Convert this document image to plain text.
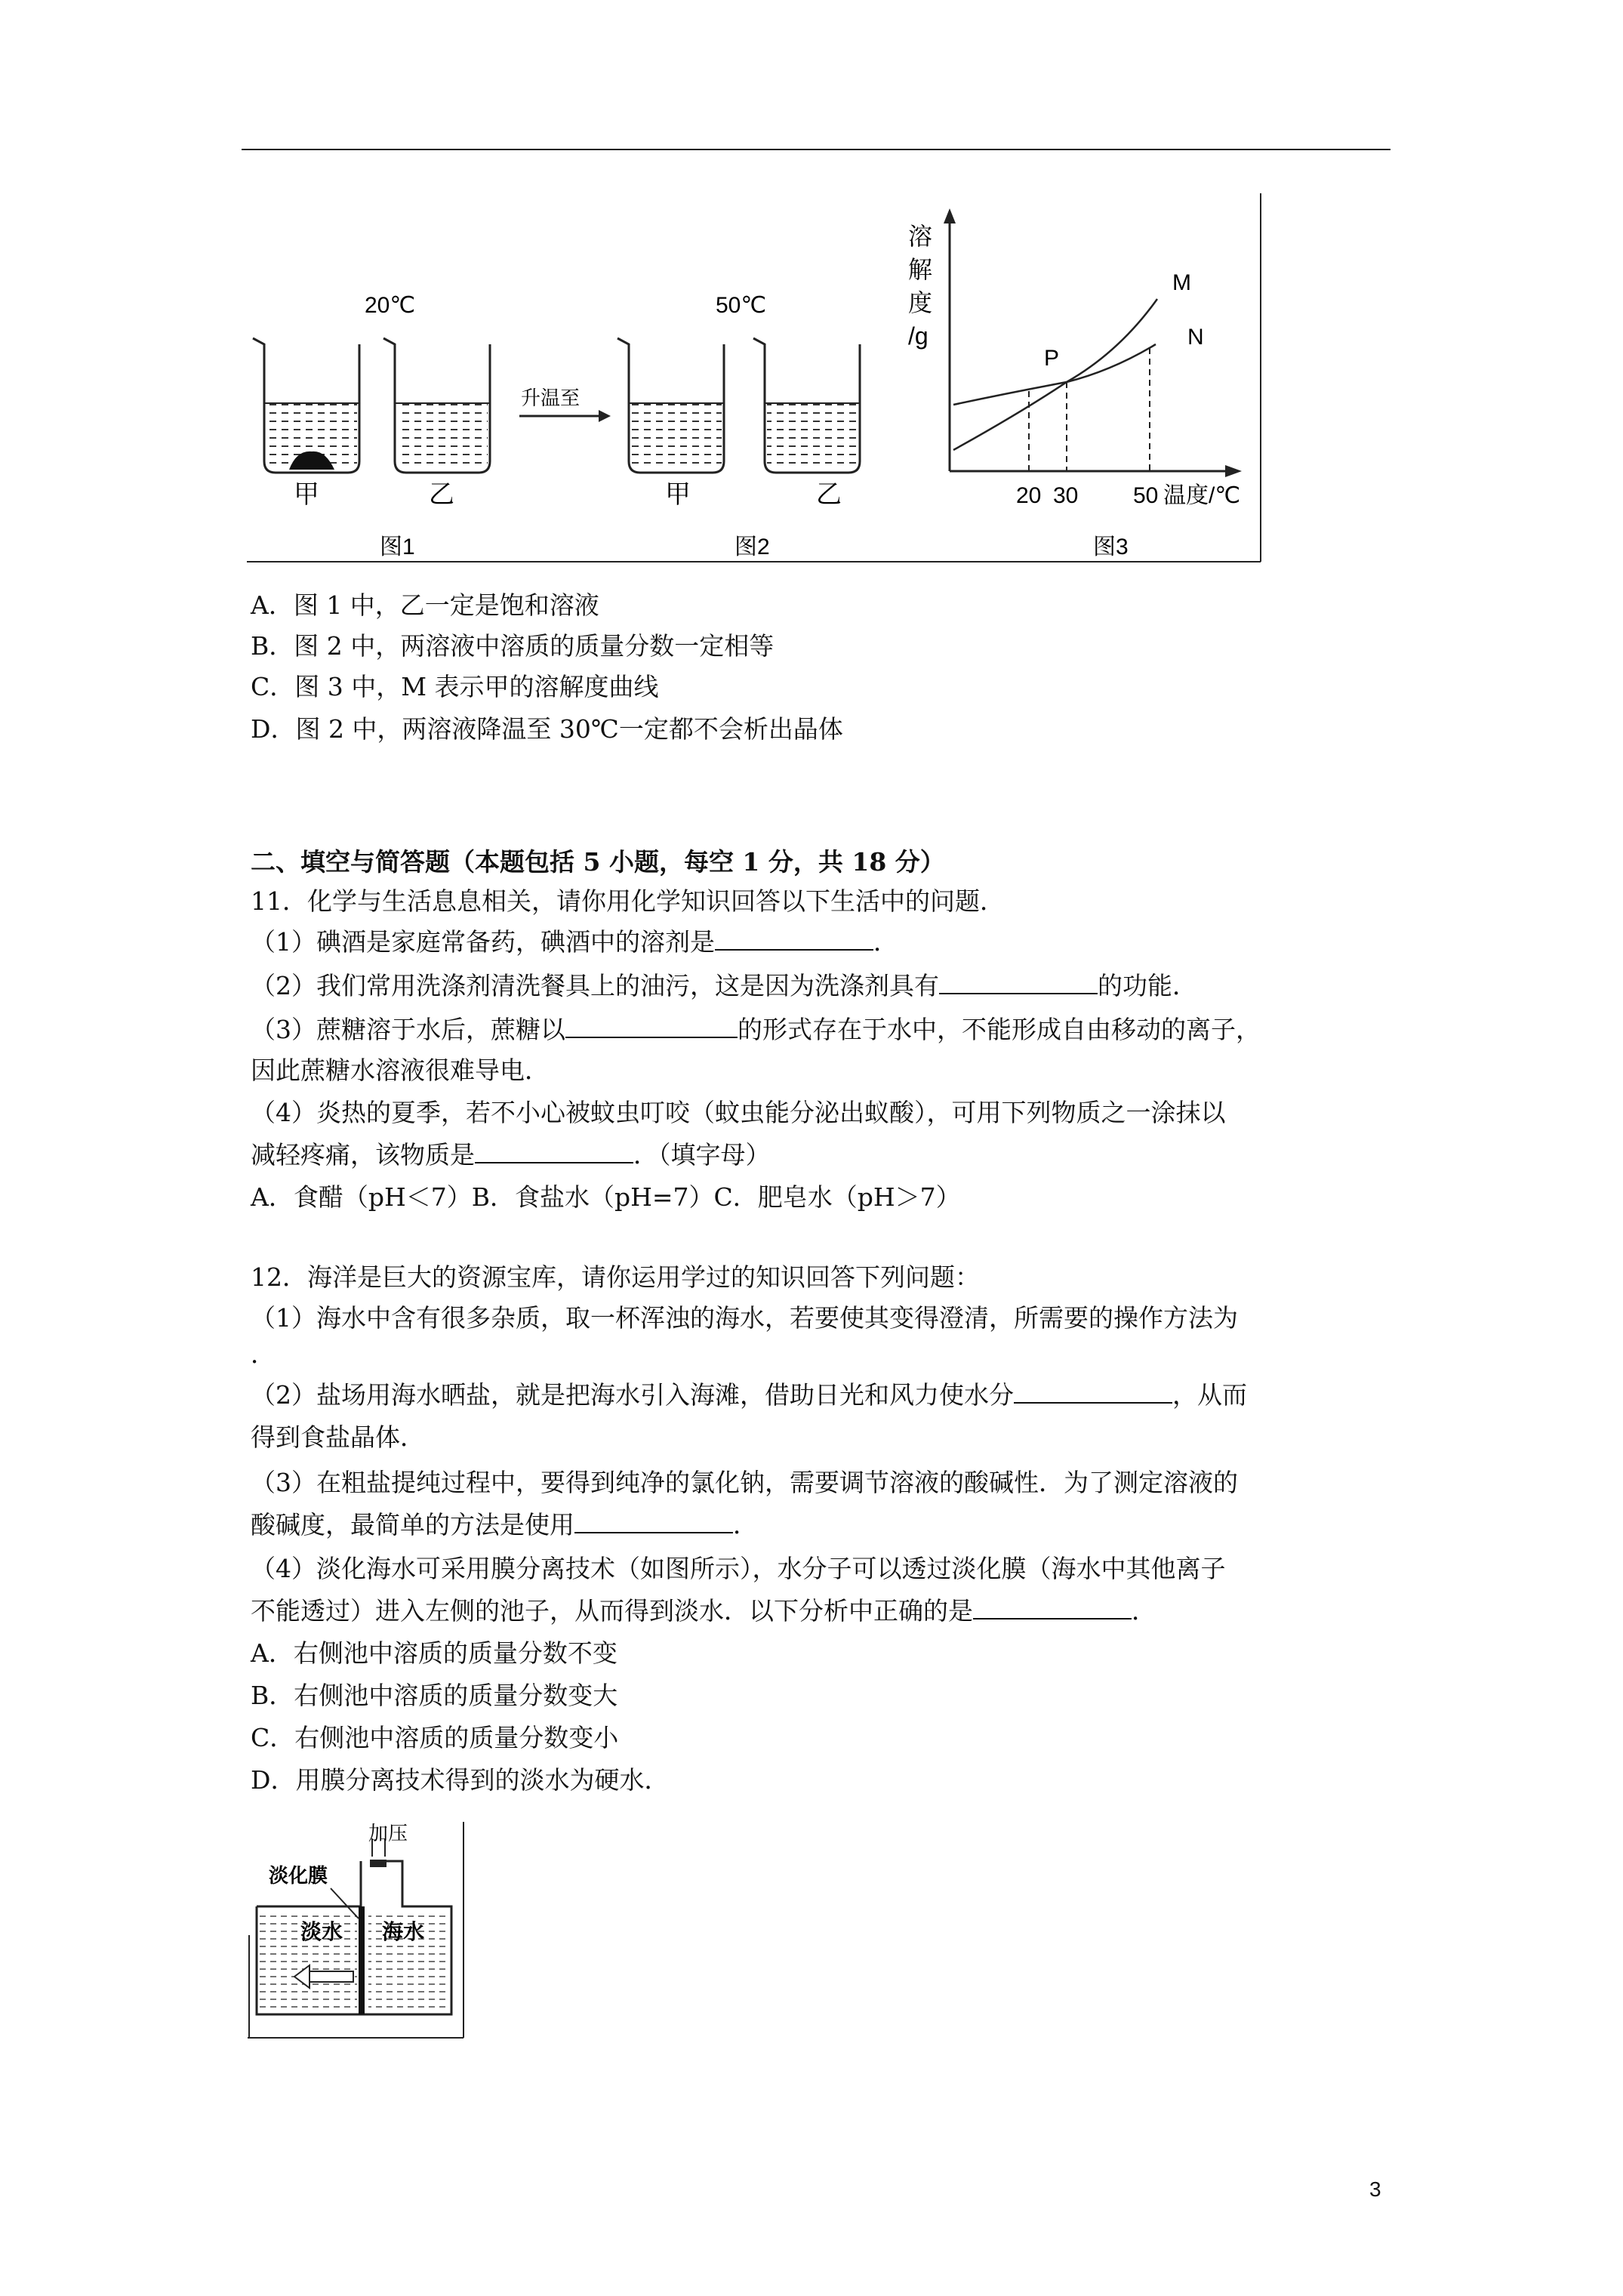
20℃	50℃
甲	乙
升温至
甲	乙
图1	图2	图3
溶
解
度
/g
P
M
N
20 30 50 温度/℃
A．图 1 中，乙一定是饱和溶液
B．图 2 中，两溶液中溶质的质量分数一定相等
C．图 3 中，M 表示甲的溶解度曲线
D．图 2 中，两溶液降温至 30℃一定都不会析出晶体
二、填空与简答题（本题包括 5 小题，每空 1 分，共 18 分）
11．化学与生活息息相关，请你用化学知识回答以下生活中的问题．
（1）碘酒是家庭常备药，碘酒中的溶剂是	．
（2）我们常用洗涤剂清洗餐具上的油污，这是因为洗涤剂具有	的功能．
（3）蔗糖溶于水后，蔗糖以	的形式存在于水中，不能形成自由移动的离子，
因此蔗糖水溶液很难导电．
（4）炎热的夏季，若不小心被蚊虫叮咬（蚊虫能分泌出蚁酸），可用下列物质之一涂抹以
减轻疼痛，该物质是	．（填字母）
A．食醋（pH＜7）B．食盐水（pH=7）C．肥皂水（pH＞7）
12．海洋是巨大的资源宝库，请你运用学过的知识回答下列问题：
（1）海水中含有很多杂质，取一杯浑浊的海水，若要使其变得澄清，所需要的操作方法为
．
（2）盐场用海水晒盐，就是把海水引入海滩，借助日光和风力使水分	，从而
得到食盐晶体．
（3）在粗盐提纯过程中，要得到纯净的氯化钠，需要调节溶液的酸碱性．为了测定溶液的
酸碱度，最简单的方法是使用	．
（4）淡化海水可采用膜分离技术（如图所示），水分子可以透过淡化膜（海水中其他离子
不能透过）进入左侧的池子，从而得到淡水．以下分析中正确的是	．
A．右侧池中溶质的质量分数不变
B．右侧池中溶质的质量分数变大
C．右侧池中溶质的质量分数变小
D．用膜分离技术得到的淡水为硬水．
加压
淡化膜
淡水 海水
3
